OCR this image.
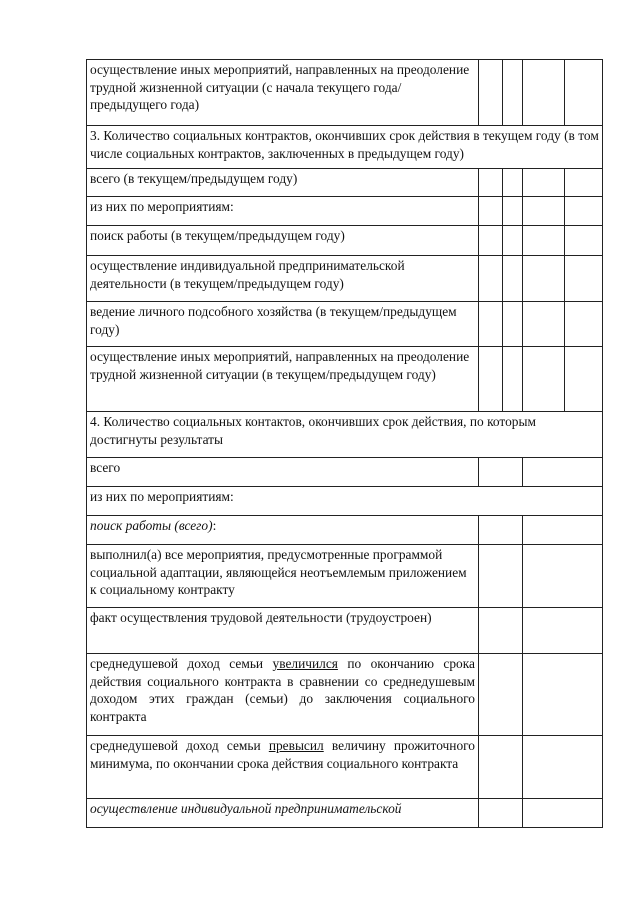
осуществление иных мероприятий, направленных на преодоление трудной жизненной ситуации (с начала текущего года/предыдущего года)				
3. Количество социальных контрактов, окончивших срок действия в текущем году (в том числе социальных контрактов, заключенных в предыдущем году)				
всего (в текущем/предыдущем году)				
из них по мероприятиям:				
поиск работы (в текущем/предыдущем году)				
осуществление индивидуальной предпринимательской деятельности (в текущем/предыдущем году)				
ведение личного подсобного хозяйства (в текущем/предыдущем году)				
осуществление иных мероприятий, направленных на преодоление трудной жизненной ситуации (в текущем/предыдущем году)				
4. Количество социальных контактов, окончивших срок действия, по которым достигнуты результаты				
всего				
из них по мероприятиям:				
поиск работы (всего):				
выполнил(а) все мероприятия, предусмотренные программой социальной адаптации, являющейся неотъемлемым приложением к социальному контракту				
факт осуществления трудовой деятельности (трудоустроен)				
среднедушевой доход семьи увеличился по окончанию срока действия социального контракта в сравнении со среднедушевым доходом этих граждан (семьи) до заключения социального контракта				
среднедушевой доход семьи превысил величину прожиточного минимума, по окончании срока действия социального контракта				
осуществление индивидуальной предпринимательской				
